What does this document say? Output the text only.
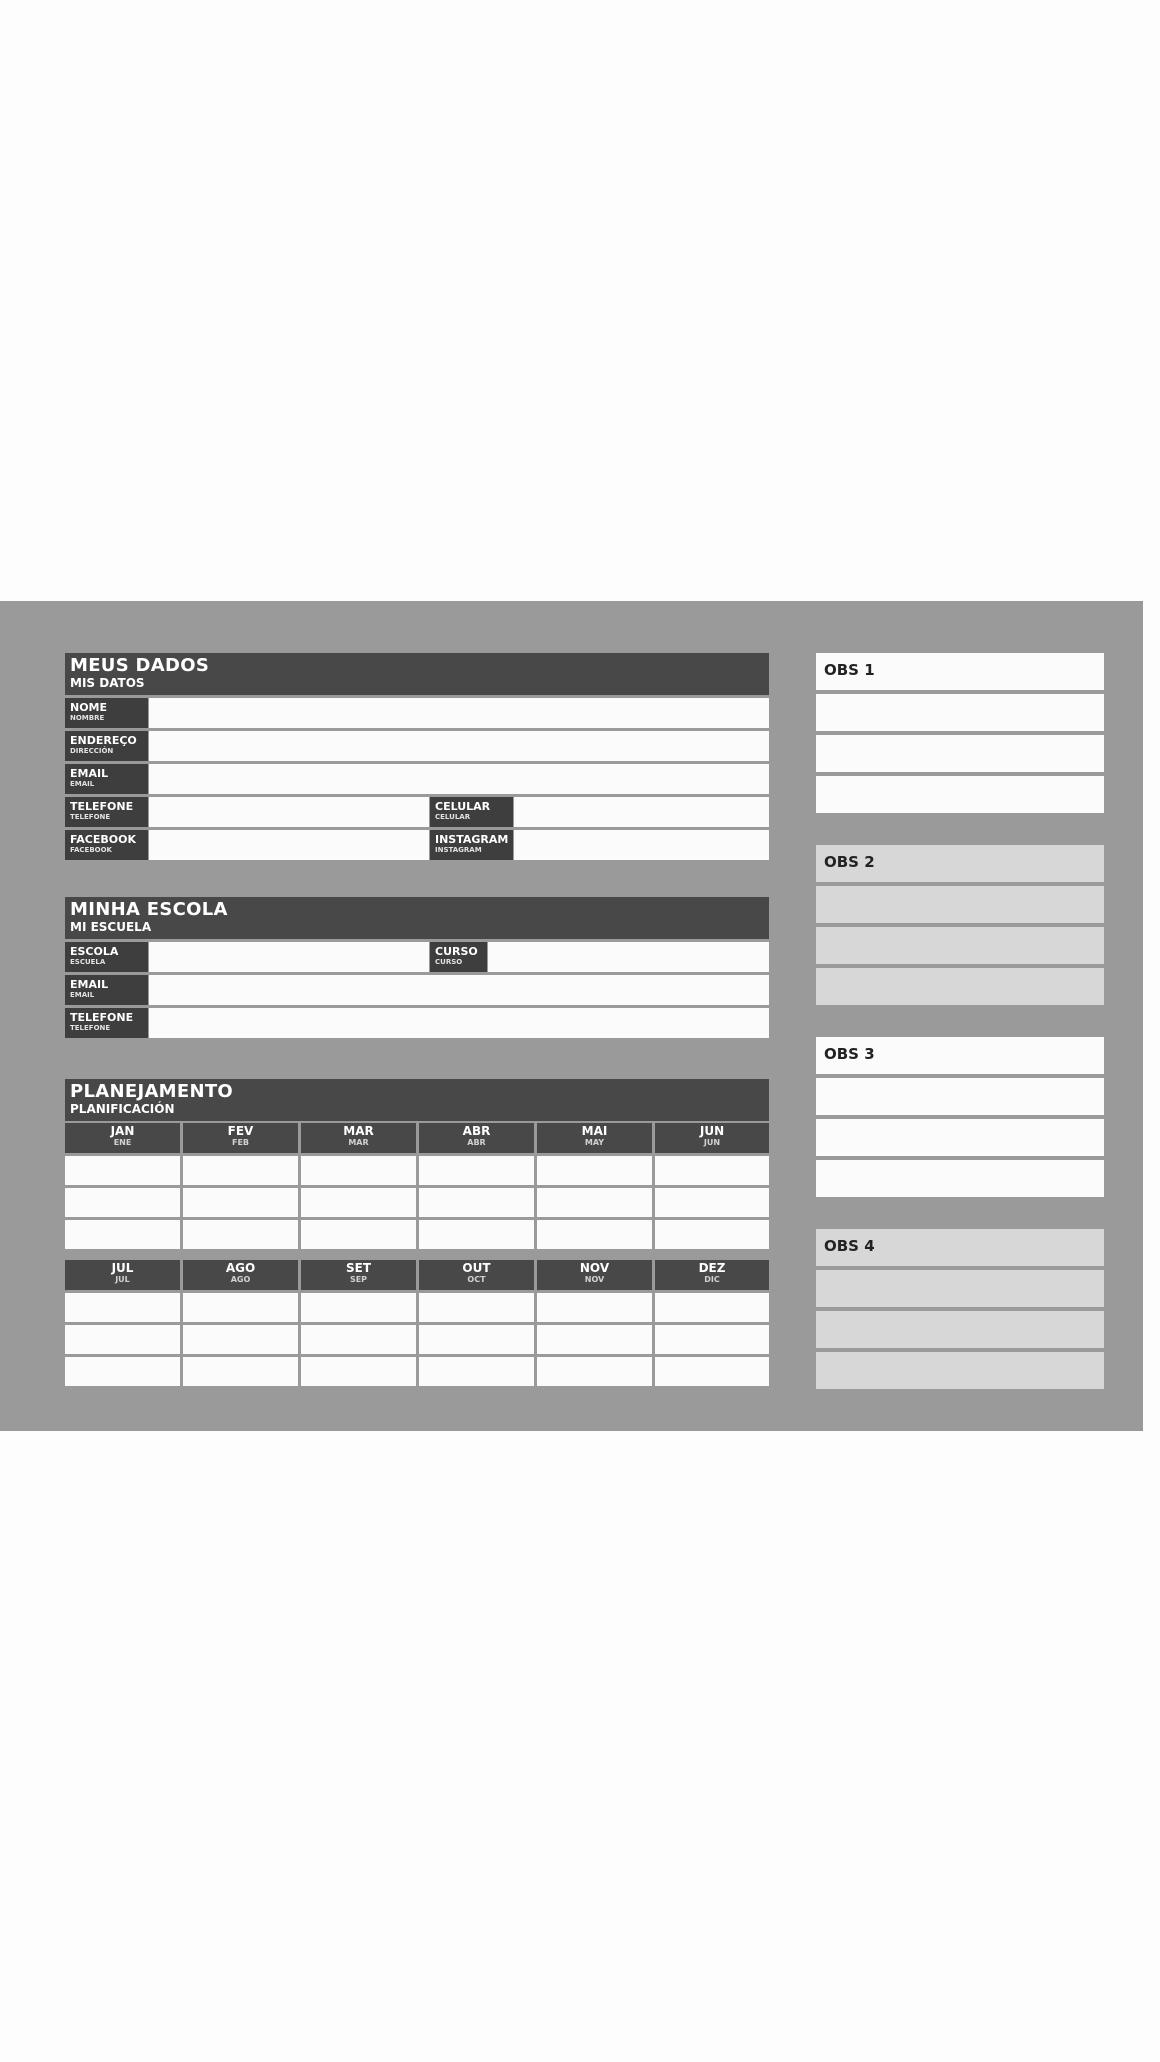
MEUS DADOS
MIS DATOS
NOME
NOMBRE
ENDEREÇO
DIRECCIÓN
EMAIL
EMAIL
TELEFONE
TELEFONE
CELULAR
CELULAR
FACEBOOK
FACEBOOK
INSTAGRAM
INSTAGRAM
MINHA ESCOLA
MI ESCUELA
ESCOLA
ESCUELA
CURSO
CURSO
EMAIL
EMAIL
TELEFONE
TELEFONE
PLANEJAMENTO
PLANIFICACIÓN
JAN
ENE
FEV
FEB
MAR
MAR
ABR
ABR
MAI
MAY
JUN
JUN
JUL
JUL
AGO
AGO
SET
SEP
OUT
OCT
NOV
NOV
DEZ
DIC
OBS 1
OBS 2
OBS 3
OBS 4
